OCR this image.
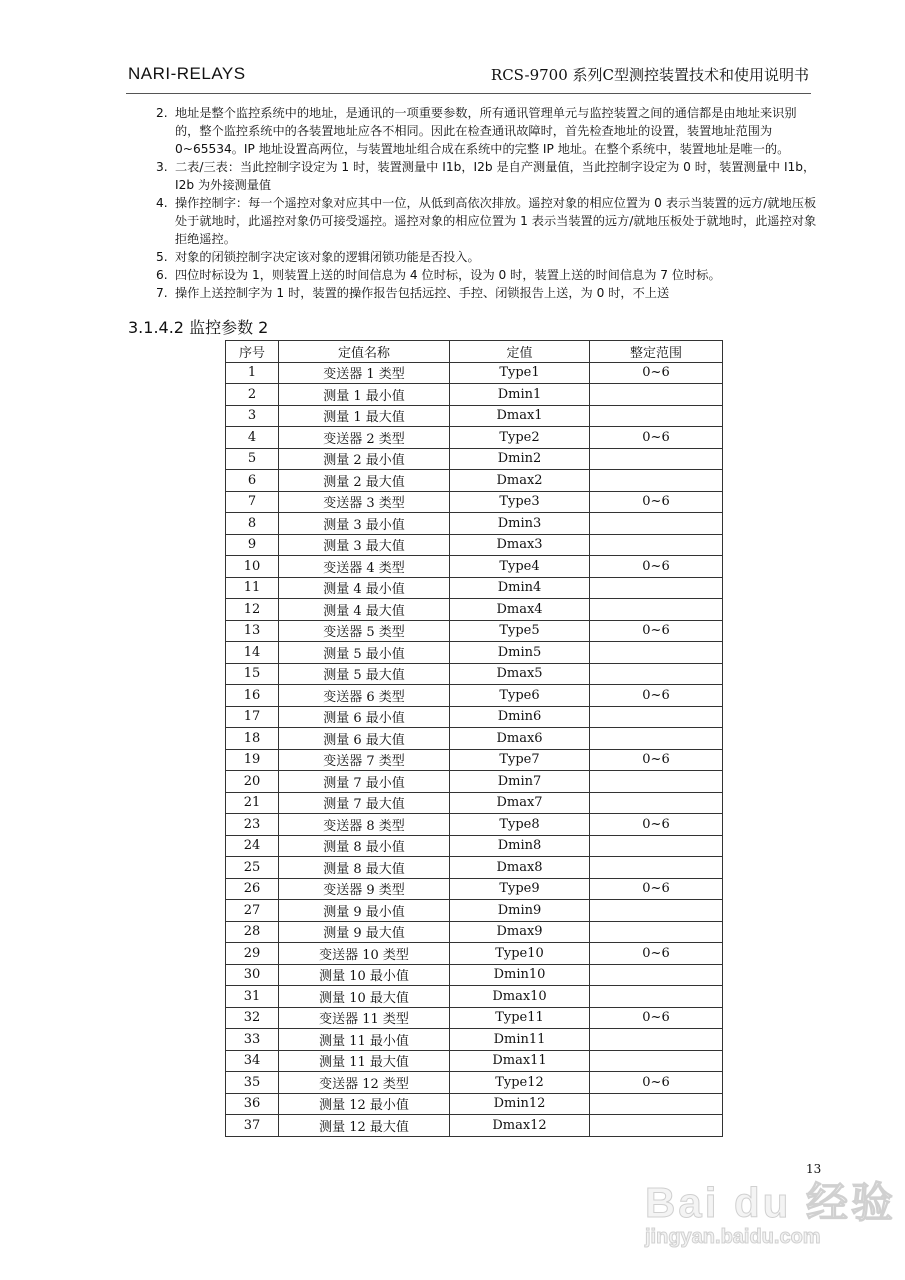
NARI-RELAYS	RCS-9700 系列C型测控装置技术和使用说明书
2. 地址是整个监控系统中的地址，是通讯的一项重要参数，所有通讯管理单元与监控装置之间的通信都是由地址来识别的，整个监控系统中的各装置地址应各不相同。因此在检查通讯故障时，首先检查地址的设置，装置地址范围为 0~65534。IP 地址设置高两位，与装置地址组合成在系统中的完整 IP 地址。在整个系统中，装置地址是唯一的。
3. 二表/三表：当此控制字设定为 1 时，装置测量中 I1b，I2b 是自产测量值，当此控制字设定为 0 时，装置测量中 I1b，I2b 为外接测量值
4. 操作控制字：每一个遥控对象对应其中一位，从低到高依次排放。遥控对象的相应位置为 0 表示当装置的远方/就地压板处于就地时，此遥控对象仍可接受遥控。遥控对象的相应位置为 1 表示当装置的远方/就地压板处于就地时，此遥控对象拒绝遥控。
5. 对象的闭锁控制字决定该对象的逻辑闭锁功能是否投入。
6. 四位时标设为 1，则装置上送的时间信息为 4 位时标，设为 0 时，装置上送的时间信息为 7 位时标。
7. 操作上送控制字为 1 时，装置的操作报告包括远控、手控、闭锁报告上送，为 0 时，不上送
3.1.4.2 监控参数 2
序号	定值名称	定值	整定范围
1	变送器 1 类型	Type1	0~6
2	测量 1 最小值	Dmin1	
3	测量 1 最大值	Dmax1	
4	变送器 2 类型	Type2	0~6
5	测量 2 最小值	Dmin2	
6	测量 2 最大值	Dmax2	
7	变送器 3 类型	Type3	0~6
8	测量 3 最小值	Dmin3	
9	测量 3 最大值	Dmax3	
10	变送器 4 类型	Type4	0~6
11	测量 4 最小值	Dmin4	
12	测量 4 最大值	Dmax4	
13	变送器 5 类型	Type5	0~6
14	测量 5 最小值	Dmin5	
15	测量 5 最大值	Dmax5	
16	变送器 6 类型	Type6	0~6
17	测量 6 最小值	Dmin6	
18	测量 6 最大值	Dmax6	
19	变送器 7 类型	Type7	0~6
20	测量 7 最小值	Dmin7	
21	测量 7 最大值	Dmax7	
23	变送器 8 类型	Type8	0~6
24	测量 8 最小值	Dmin8	
25	测量 8 最大值	Dmax8	
26	变送器 9 类型	Type9	0~6
27	测量 9 最小值	Dmin9	
28	测量 9 最大值	Dmax9	
29	变送器 10 类型	Type10	0~6
30	测量 10 最小值	Dmin10	
31	测量 10 最大值	Dmax10	
32	变送器 11 类型	Type11	0~6
33	测量 11 最小值	Dmin11	
34	测量 11 最大值	Dmax11	
35	变送器 12 类型	Type12	0~6
36	测量 12 最小值	Dmin12	
37	测量 12 最大值	Dmax12	
Bai du 经验
jingyan.baidu.com
13
